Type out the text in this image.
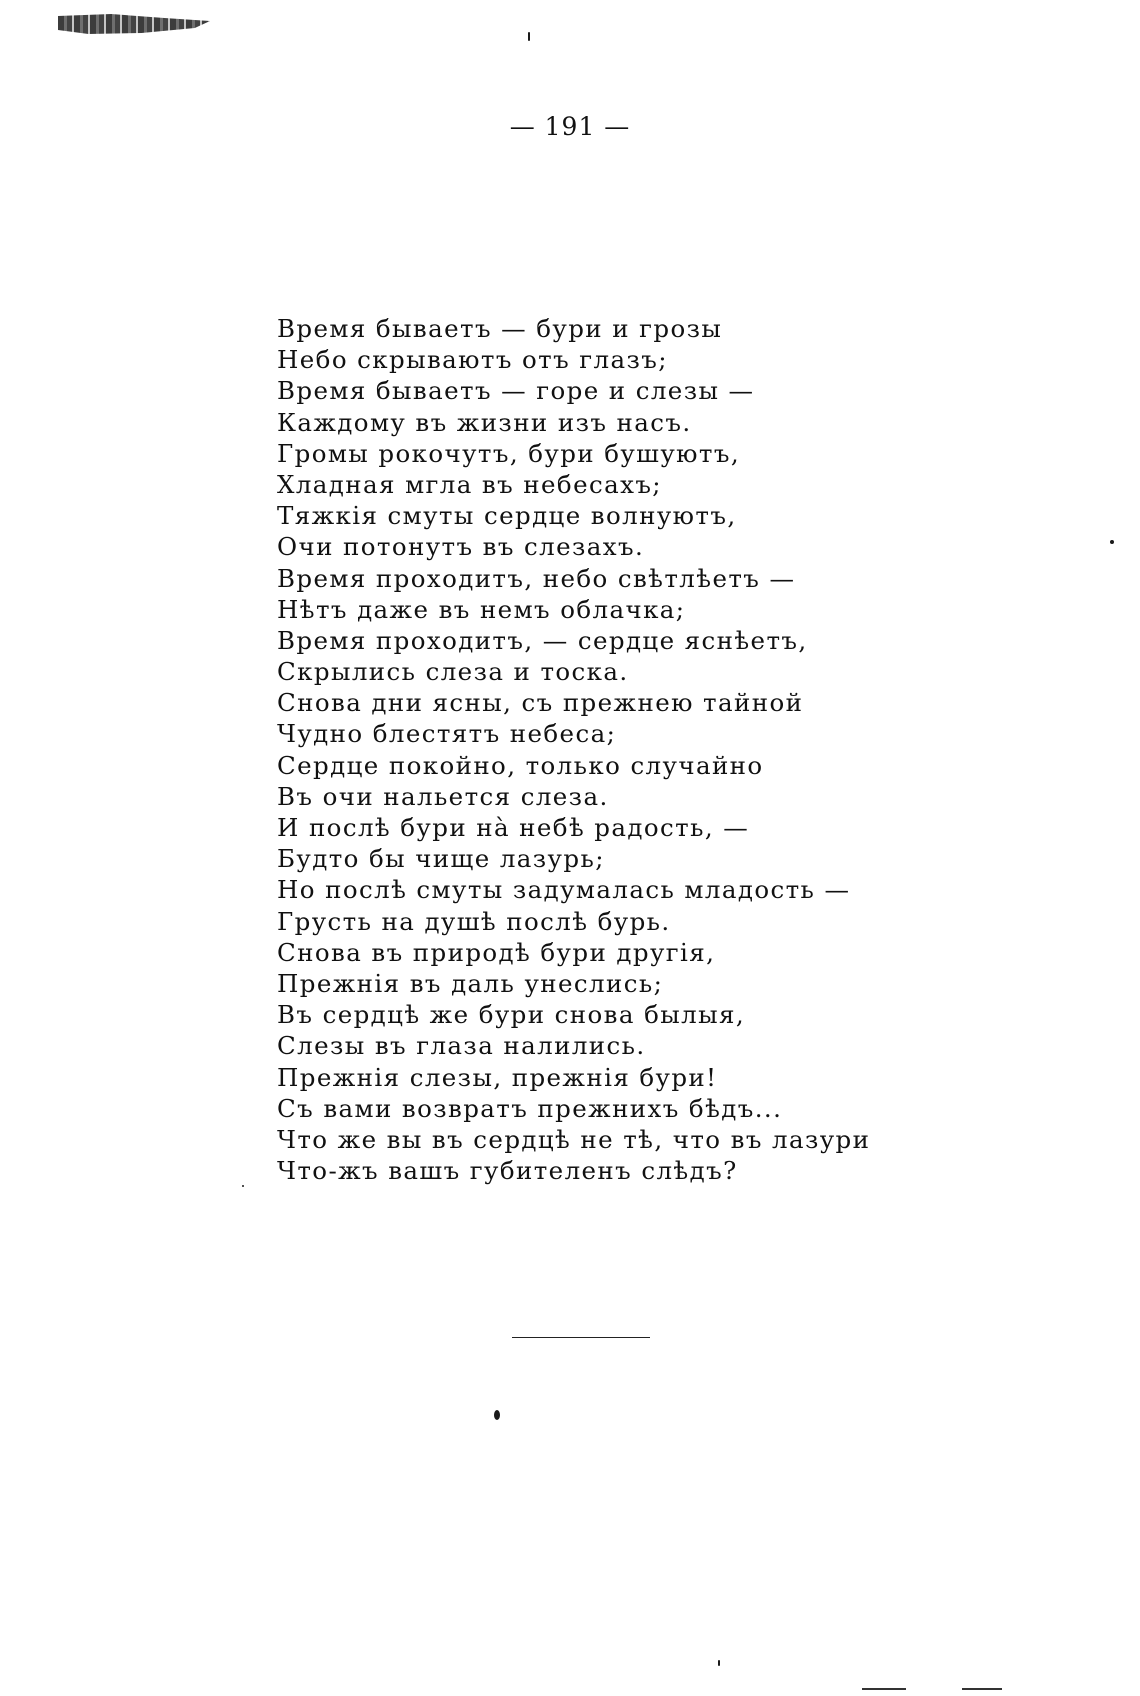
— 191 —
Время бываетъ — бури и грозы
Небо скрываютъ отъ глазъ;
Время бываетъ — горе и слезы —
Каждому въ жизни изъ насъ.
Громы рокочутъ, бури бушуютъ,
Хладная мгла въ небесахъ;
Тяжкія смуты сердце волнуютъ,
Очи потонутъ въ слезахъ.
Время проходитъ, небо свѣтлѣетъ —
Нѣтъ даже въ немъ облачка;
Время проходитъ, — сердце яснѣетъ,
Скрылись слеза и тоска.
Снова дни ясны, съ прежнею тайной
Чудно блестятъ небеса;
Сердце покойно, только случайно
Въ очи нальется слеза.
И послѣ бури на̀ небѣ радость, —
Будто бы чище лазурь;
Но послѣ смуты задумалась младость —
Грусть на душѣ послѣ бурь.
Снова въ природѣ бури другія,
Прежнія въ даль унеслись;
Въ сердцѣ же бури снова былыя,
Слезы въ глаза налились.
Прежнія слезы, прежнія бури!
Съ вами возвратъ прежнихъ бѣдъ...
Что же вы въ сердцѣ не тѣ, что въ лазури
Что-жъ вашъ губителенъ слѣдъ?
